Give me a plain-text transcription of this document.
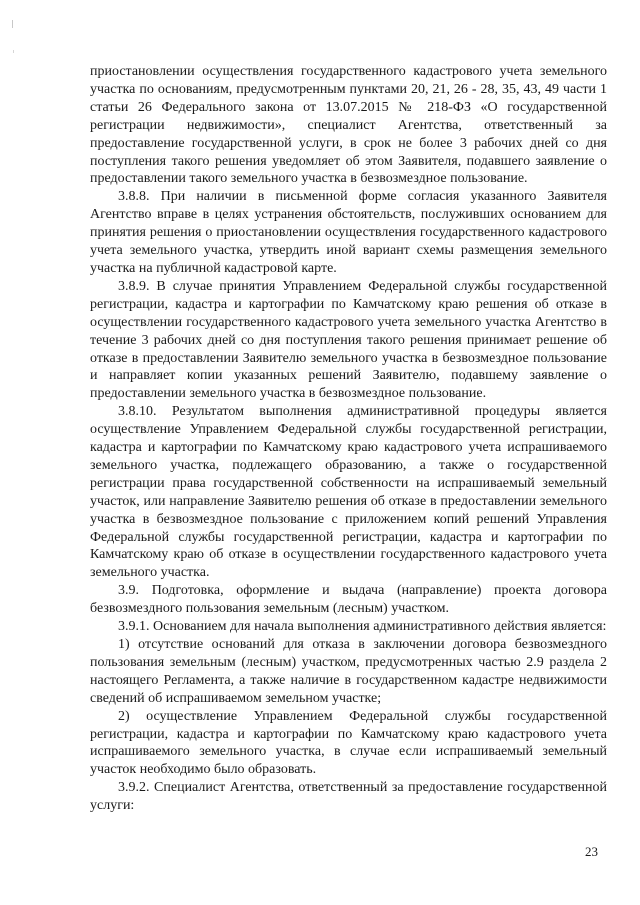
приостановлении осуществления государственного кадастрового учета земельного участка по основаниям, предусмотренным пунктами 20, 21, 26 - 28, 35, 43, 49 части 1 статьи 26 Федерального закона от 13.07.2015 № 218-ФЗ «О государственной регистрации недвижимости», специалист Агентства, ответственный за предоставление государственной услуги, в срок не более 3 рабочих дней со дня поступления такого решения уведомляет об этом Заявителя, подавшего заявление о предоставлении такого земельного участка в безвозмездное пользование.

3.8.8. При наличии в письменной форме согласия указанного Заявителя Агентство вправе в целях устранения обстоятельств, послуживших основанием для принятия решения о приостановлении осуществления государственного кадастрового учета земельного участка, утвердить иной вариант схемы размещения земельного участка на публичной кадастровой карте.

3.8.9. В случае принятия Управлением Федеральной службы государственной регистрации, кадастра и картографии по Камчатскому краю решения об отказе в осуществлении государственного кадастрового учета земельного участка Агентство в течение 3 рабочих дней со дня поступления такого решения принимает решение об отказе в предоставлении Заявителю земельного участка в безвозмездное пользование и направляет копии указанных решений Заявителю, подавшему заявление о предоставлении земельного участка в безвозмездное пользование.

3.8.10. Результатом выполнения административной процедуры является осуществление Управлением Федеральной службы государственной регистрации, кадастра и картографии по Камчатскому краю кадастрового учета испрашиваемого земельного участка, подлежащего образованию, а также о государственной регистрации права государственной собственности на испрашиваемый земельный участок, или направление Заявителю решения об отказе в предоставлении земельного участка в безвозмездное пользование с приложением копий решений Управления Федеральной службы государственной регистрации, кадастра и картографии по Камчатскому краю об отказе в осуществлении государственного кадастрового учета земельного участка.

3.9. Подготовка, оформление и выдача (направление) проекта договора безвозмездного пользования земельным (лесным) участком.

3.9.1. Основанием для начала выполнения административного действия является:

1) отсутствие оснований для отказа в заключении договора безвозмездного пользования земельным (лесным) участком, предусмотренных частью 2.9 раздела 2 настоящего Регламента, а также наличие в государственном кадастре недвижимости сведений об испрашиваемом земельном участке;

2) осуществление Управлением Федеральной службы государственной регистрации, кадастра и картографии по Камчатскому краю кадастрового учета испрашиваемого земельного участка, в случае если испрашиваемый земельный участок необходимо было образовать.

3.9.2. Специалист Агентства, ответственный за предоставление государственной услуги:

23
